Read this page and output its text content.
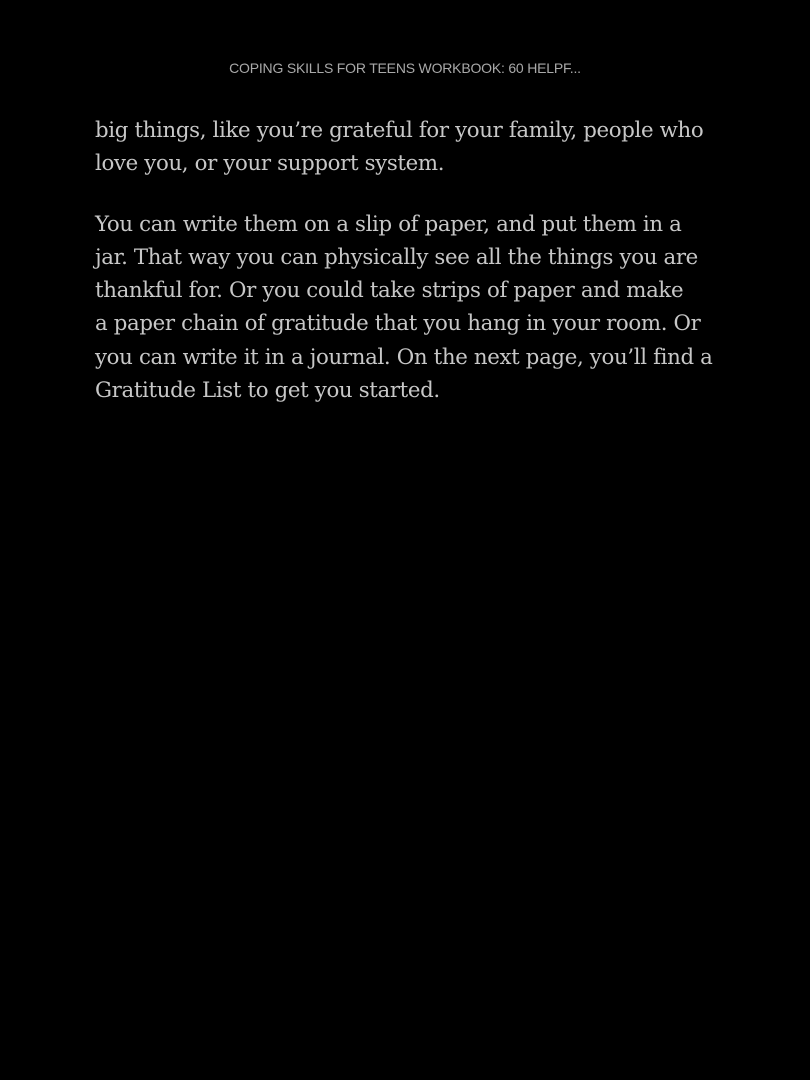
COPING SKILLS FOR TEENS WORKBOOK: 60 HELPF...

big things, like you’re grateful for your family, people who
love you, or your support system.

You can write them on a slip of paper, and put them in a
jar. That way you can physically see all the things you are
thankful for. Or you could take strips of paper and make
a paper chain of gratitude that you hang in your room. Or
you can write it in a journal. On the next page, you’ll find a
Gratitude List to get you started.
